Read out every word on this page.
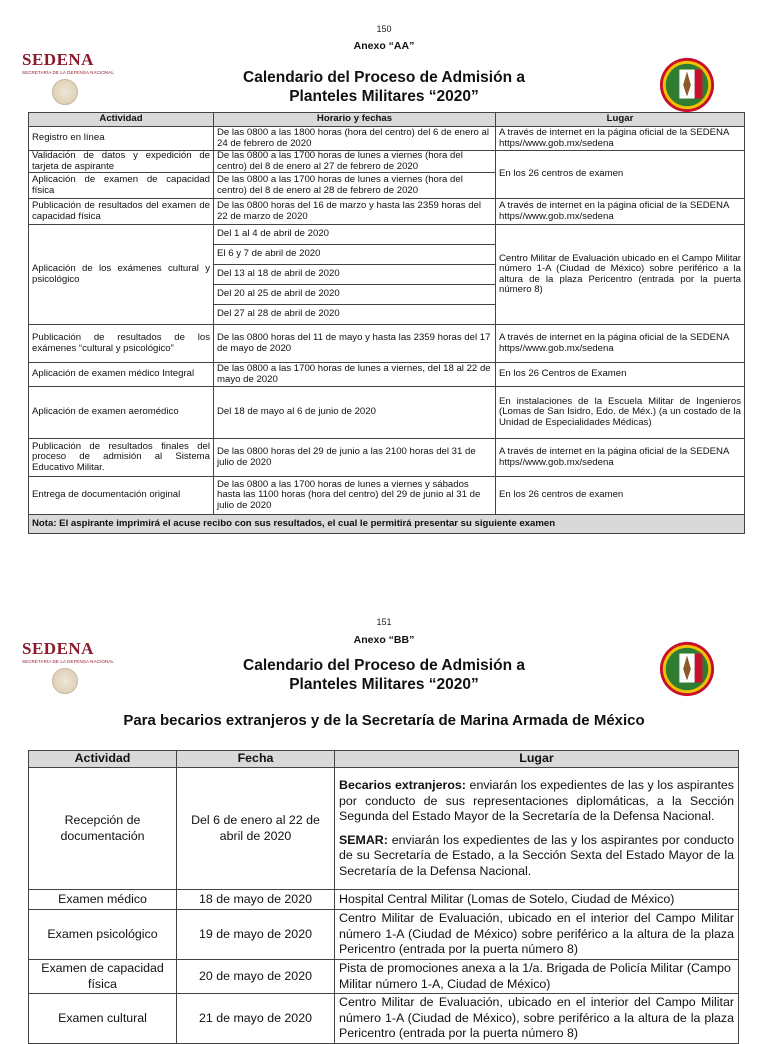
150
Anexo “AA”
SEDENA
SECRETARÍA DE LA DEFENSA NACIONAL	Calendario del Proceso de Admisión a
Planteles Militares “2020”
Actividad	Horario y fechas	Lugar
Registro en línea	De las 0800 a las 1800 horas (hora del centro) del 6 de enero al 24 de febrero de 2020	A través de internet en la página oficial de la SEDENA https//www.gob.mx/sedena
Validación de datos y expedición de tarjeta de aspirante	De las 0800 a las 1700 horas de lunes a viernes (hora del centro) del 8 de enero al 27 de febrero de 2020	En los 26 centros de examen
Aplicación de examen de capacidad física	De las 0800 a las 1700 horas de lunes a viernes (hora del centro) del 8 de enero al 28 de febrero de 2020	
Publicación de resultados del examen de capacidad física	De las 0800 horas del 16 de marzo y hasta las 2359 horas del 22 de marzo de 2020	A través de internet en la página oficial de la SEDENA https//www.gob.mx/sedena
Aplicación de los exámenes cultural y psicológico	Del 1 al 4 de abril de 2020	Centro Militar de Evaluación ubicado en el Campo Militar número 1-A (Ciudad de México) sobre periférico a la altura de la plaza Pericentro (entrada por la puerta número 8)
	El 6 y 7 de abril de 2020	
	Del 13 al 18 de abril de 2020	
	Del 20 al 25 de abril de 2020	
	Del 27 al 28 de abril de 2020	
Publicación de resultados de los exámenes “cultural y psicológico”	De las 0800 horas del 11 de mayo y hasta las 2359 horas del 17 de mayo de 2020	A través de internet en la página oficial de la SEDENA https//www.gob.mx/sedena
Aplicación de examen médico Integral	De las 0800 a las 1700 horas de lunes a viernes, del 18 al 22 de mayo de 2020	En los 26 Centros de Examen
Aplicación de examen aeromédico	Del 18 de mayo al 6 de junio de 2020	En instalaciones de la Escuela Militar de Ingenieros (Lomas de San Isidro, Edo. de Méx.) (a un costado de la Unidad de Especialidades Médicas)
Publicación de resultados finales del proceso de admisión al Sistema Educativo Militar.	De las 0800 horas del 29 de junio a las 2100 horas del 31 de julio de 2020	A través de internet en la página oficial de la SEDENA https//www.gob.mx/sedena
Entrega de documentación original	De las 0800 a las 1700 horas de lunes a viernes y sábados hasta las 1100 horas (hora del centro) del 29 de junio al 31 de julio de 2020	En los 26 centros de examen
Nota: El aspirante imprimirá el acuse recibo con sus resultados, el cual le permitirá presentar su siguiente examen		
151
Anexo “BB”
SEDENA
SECRETARÍA DE LA DEFENSA NACIONAL	Calendario del Proceso de Admisión a
Planteles Militares “2020”
Para becarios extranjeros y de la Secretaría de Marina Armada de México
Actividad	Fecha	Lugar
Recepción de documentación	Del 6 de enero al 22 de abril de 2020	Becarios extranjeros: enviarán los expedientes de las y los aspirantes por conducto de sus representaciones diplomáticas, a la Sección Segunda del Estado Mayor de la Secretaría de la Defensa Nacional.
SEMAR: enviarán los expedientes de las y los aspirantes por conducto de su Secretaría de Estado, a la Sección Sexta del Estado Mayor de la Secretaría de la Defensa Nacional.

Examen médico	18 de mayo de 2020	Hospital Central Militar (Lomas de Sotelo, Ciudad de México)
Examen psicológico	19 de mayo de 2020	Centro Militar de Evaluación, ubicado en el interior del Campo Militar número 1-A (Ciudad de México) sobre periférico a la altura de la plaza Pericentro (entrada por la puerta número 8)
Examen de capacidad física	20 de mayo de 2020	Pista de promociones anexa a la 1/a. Brigada de Policía Militar (Campo Militar número 1-A, Ciudad de México)
Examen cultural	21 de mayo de 2020	Centro Militar de Evaluación, ubicado en el interior del Campo Militar número 1-A (Ciudad de México), sobre periférico a la altura de la plaza Pericentro (entrada por la puerta número 8)
